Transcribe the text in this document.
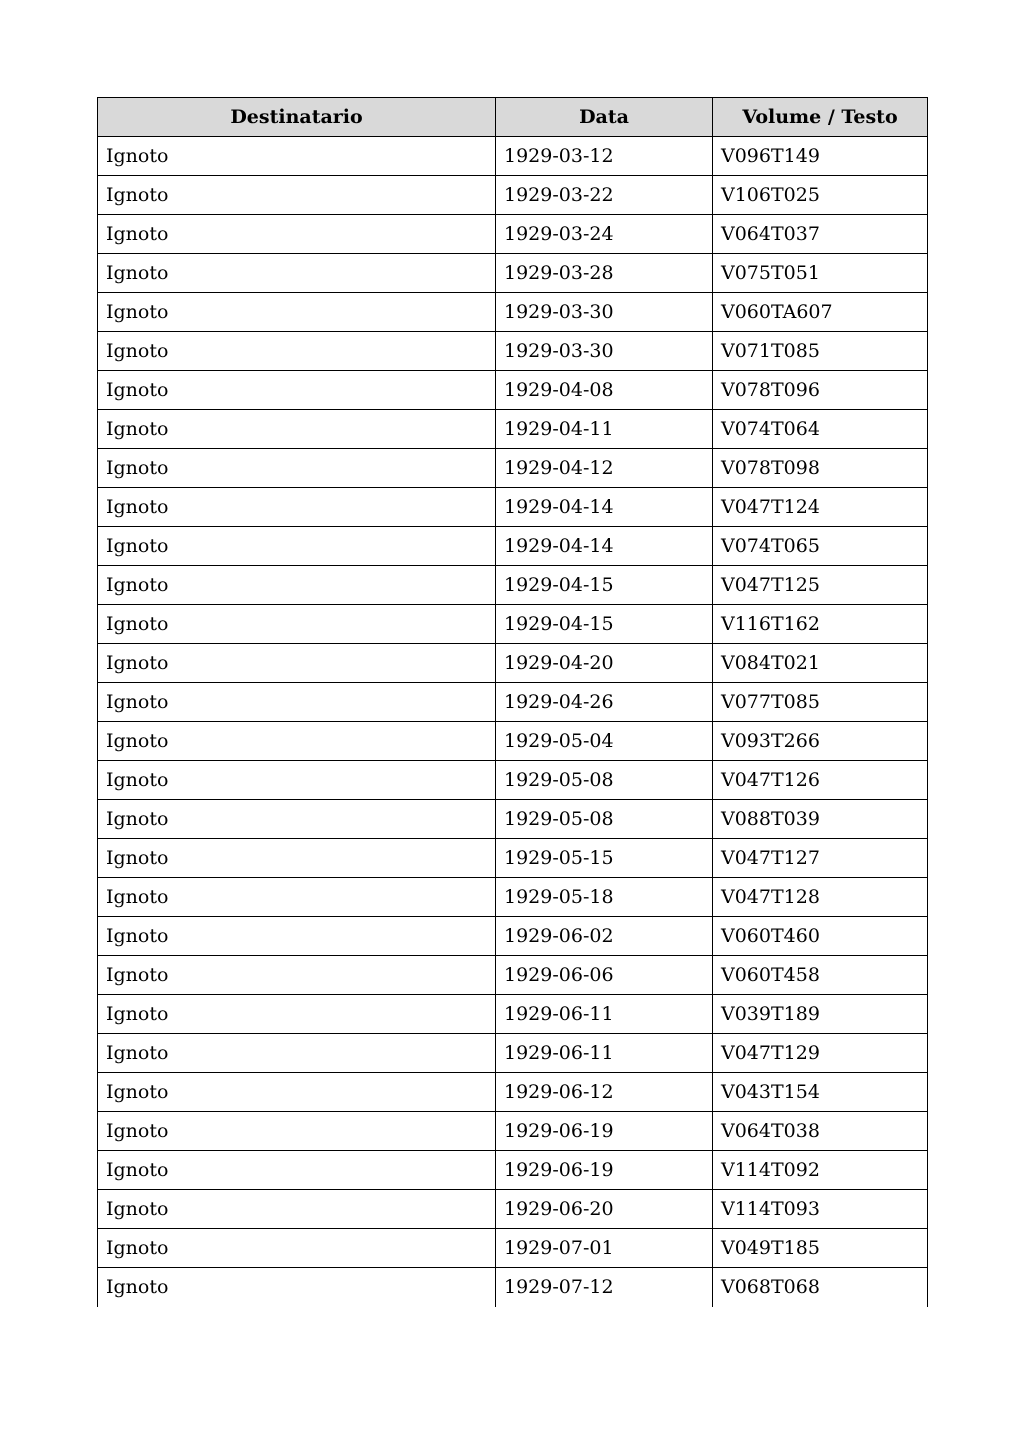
Destinatario	Data	Volume / Testo
Ignoto	1929-03-12	V096T149
Ignoto	1929-03-22	V106T025
Ignoto	1929-03-24	V064T037
Ignoto	1929-03-28	V075T051
Ignoto	1929-03-30	V060TA607
Ignoto	1929-03-30	V071T085
Ignoto	1929-04-08	V078T096
Ignoto	1929-04-11	V074T064
Ignoto	1929-04-12	V078T098
Ignoto	1929-04-14	V047T124
Ignoto	1929-04-14	V074T065
Ignoto	1929-04-15	V047T125
Ignoto	1929-04-15	V116T162
Ignoto	1929-04-20	V084T021
Ignoto	1929-04-26	V077T085
Ignoto	1929-05-04	V093T266
Ignoto	1929-05-08	V047T126
Ignoto	1929-05-08	V088T039
Ignoto	1929-05-15	V047T127
Ignoto	1929-05-18	V047T128
Ignoto	1929-06-02	V060T460
Ignoto	1929-06-06	V060T458
Ignoto	1929-06-11	V039T189
Ignoto	1929-06-11	V047T129
Ignoto	1929-06-12	V043T154
Ignoto	1929-06-19	V064T038
Ignoto	1929-06-19	V114T092
Ignoto	1929-06-20	V114T093
Ignoto	1929-07-01	V049T185
Ignoto	1929-07-12	V068T068
